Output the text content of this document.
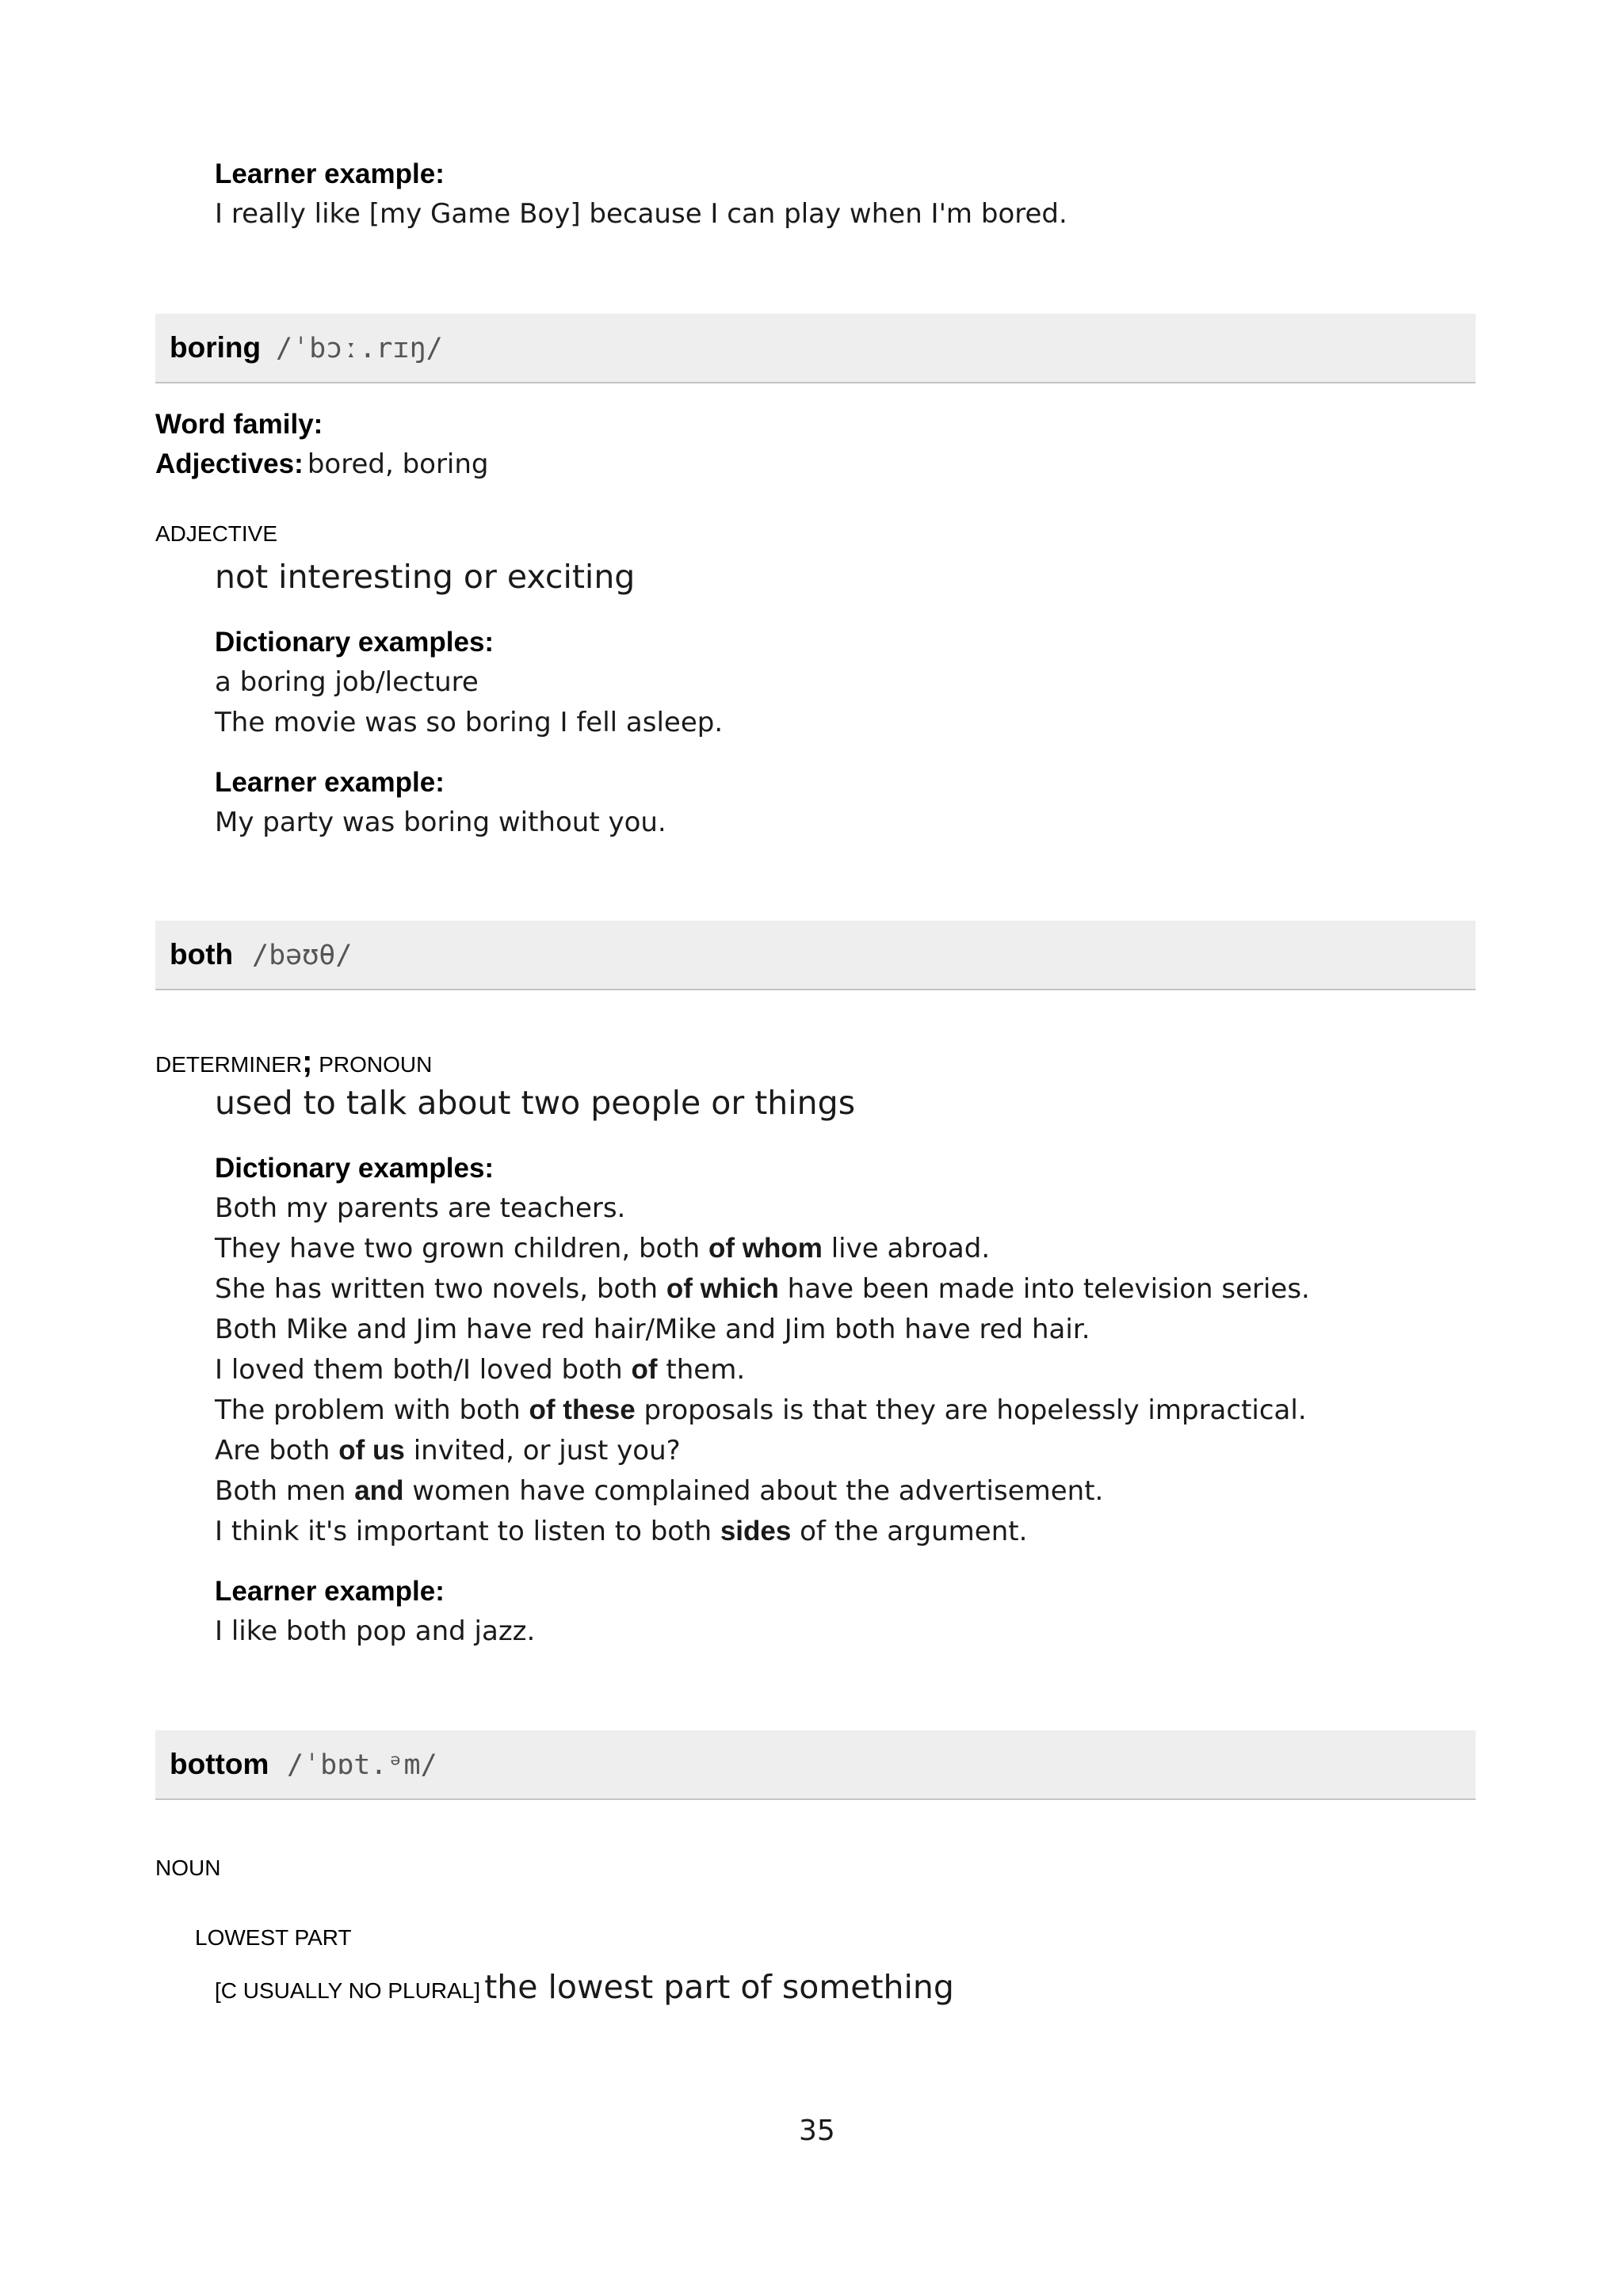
Learner example:
I really like [my Game Boy] because I can play when I'm bored.
boring /ˈbɔː.rɪŋ/
Word family:
Adjectives: bored, boring
ADJECTIVE
not interesting or exciting
Dictionary examples:
a boring job/lecture
The movie was so boring I fell asleep.
Learner example:
My party was boring without you.
both /bəʊθ/
DETERMINER; PRONOUN
used to talk about two people or things
Dictionary examples:
Both my parents are teachers.
They have two grown children, both of whom live abroad.
She has written two novels, both of which have been made into television series.
Both Mike and Jim have red hair/Mike and Jim both have red hair.
I loved them both/I loved both of them.
The problem with both of these proposals is that they are hopelessly impractical.
Are both of us invited, or just you?
Both men and women have complained about the advertisement.
I think it's important to listen to both sides of the argument.
Learner example:
I like both pop and jazz.
bottom /ˈbɒt.ᵊm/
NOUN
LOWEST PART
[C USUALLY NO PLURAL] the lowest part of something
35
